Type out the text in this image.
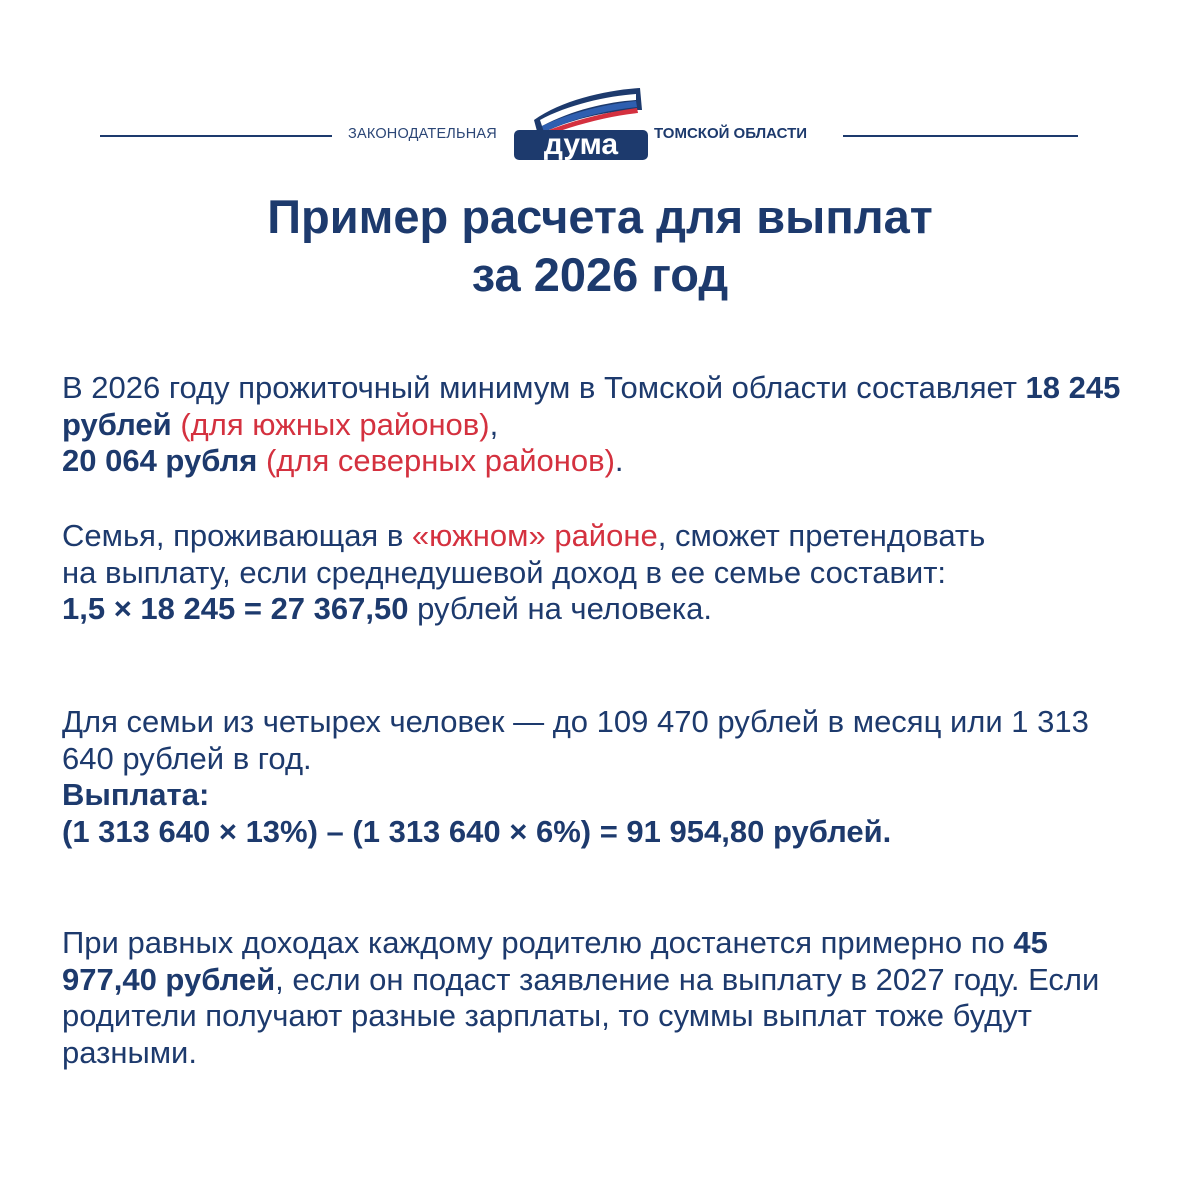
ЗАКОНОДАТЕЛЬНАЯ дума ТОМСКОЙ ОБЛАСТИ
Пример расчета для выплат
за 2026 год

В 2026 году прожиточный минимум в Томской области составляет 18 245 рублей (для южных районов),
20 064 рубля (для северных районов).

Семья, проживающая в «южном» районе, сможет претендовать на выплату, если среднедушевой доход в ее семье составит:
1,5 × 18 245 = 27 367,50 рублей на человека.

Для семьи из четырех человек — до 109 470 рублей в месяц или 1 313 640 рублей в год.
Выплата:
(1 313 640 × 13%) – (1 313 640 × 6%) = 91 954,80 рублей.

При равных доходах каждому родителю достанется примерно по 45 977,40 рублей, если он подаст заявление на выплату в 2027 году. Если родители получают разные зарплаты, то суммы выплат тоже будут разными.
